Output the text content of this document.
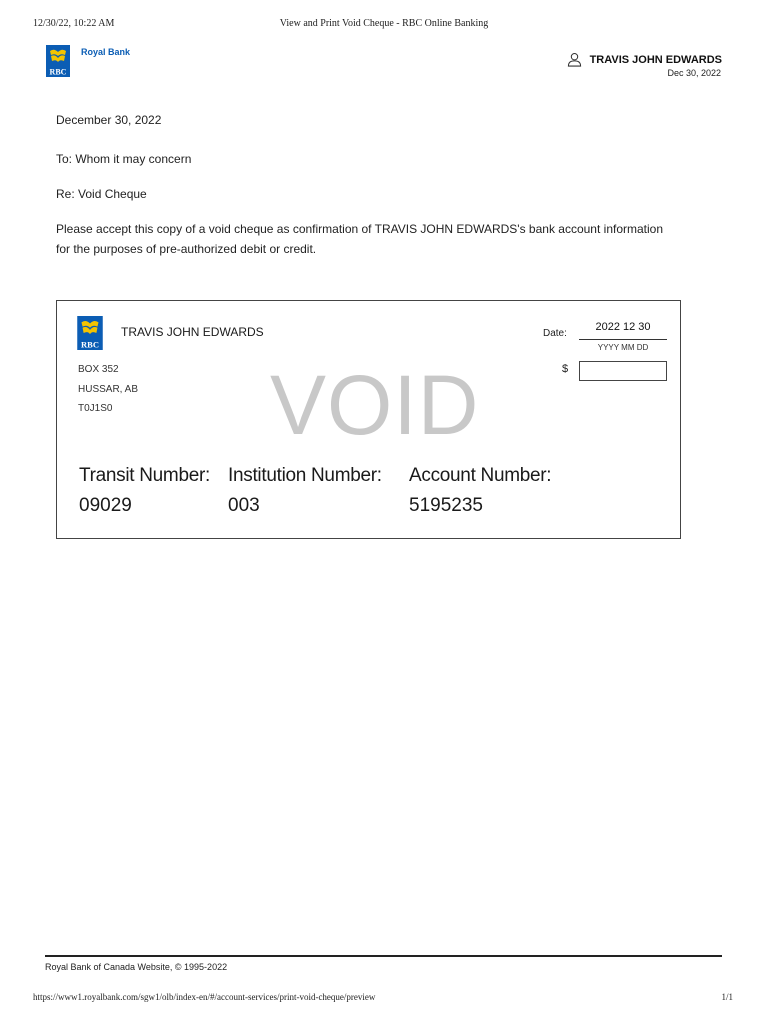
12/30/22, 10:22 AM	View and Print Void Cheque - RBC Online Banking
RBC
Royal Bank
TRAVIS JOHN EDWARDS
Dec 30, 2022
December 30, 2022
To: Whom it may concern
Re: Void Cheque
Please accept this copy of a void cheque as confirmation of TRAVIS JOHN EDWARDS's bank account information for the purposes of pre-authorized debit or credit.
RBC
TRAVIS JOHN EDWARDS
BOX 352
HUSSAR, AB
T0J1S0 VOID
Date:
2022 12 30
YYYY MM DD
$
Transit Number:
09029
Institution Number:
003
Account Number:
5195235
Royal Bank of Canada Website, © 1995-2022
https://www1.royalbank.com/sgw1/olb/index-en/#/account-services/print-void-cheque/preview	1/1
